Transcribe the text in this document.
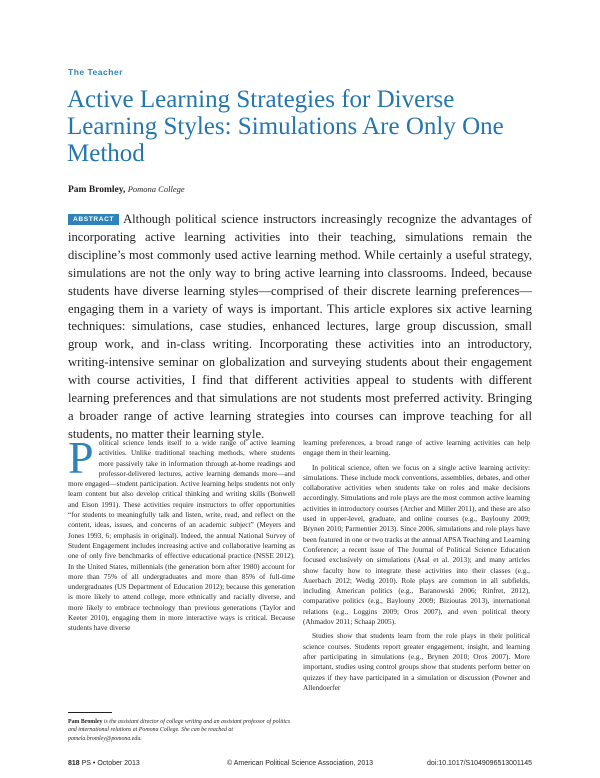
The Teacher
Active Learning Strategies for Diverse Learning Styles: Simulations Are Only One Method
Pam Bromley, Pomona College

ABSTRACT Although political science instructors increasingly recognize the advantages of incorporating active learning activities into their teaching, simulations remain the discipline’s most commonly used active learning method. While certainly a useful strategy, simulations are not the only way to bring active learning into classrooms. Indeed, because students have diverse learning styles—comprised of their discrete learning preferences—engaging them in a variety of ways is important. This article explores six active learning techniques: simulations, case studies, enhanced lectures, large group discussion, small group work, and in-class writing. Incorporating these activities into an introductory, writing-intensive seminar on globalization and surveying students about their engagement with course activities, I find that different activities appeal to students with different learning preferences and that simulations are not students most preferred activity. Bringing a broader range of active learning strategies into courses can improve teaching for all students, no matter their learning style.

Political science lends itself to a wide range of active learning activities. Unlike traditional teaching methods, where students more passively take in information through at-home readings and professor-delivered lectures, active learning demands more—and more engaged—student participation. Active learning helps students not only learn content but also develop critical thinking and writing skills (Bonwell and Eison 1991). These activities require instructors to offer opportunities “for students to meaningfully talk and listen, write, read, and reflect on the content, ideas, issues, and concerns of an academic subject” (Meyers and Jones 1993, 6; emphasis in original). Indeed, the annual National Survey of Student Engagement includes increasing active and collaborative learning as one of only five benchmarks of effective educational practice (NSSE 2012). In the United States, millennials (the generation born after 1980) account for more than 75% of all undergraduates and more than 85% of full-time undergraduates (US Department of Education 2012); because this generation is more likely to attend college, more ethnically and racially diverse, and more likely to embrace technology than previous generations (Taylor and Keeter 2010), engaging them in more interactive ways is critical. Because students have diverse

learning preferences, a broad range of active learning activities can help engage them in their learning.

In political science, often we focus on a single active learning activity: simulations. These include mock conventions, assemblies, debates, and other collaborative activities when students take on roles and make decisions accordingly. Simulations and role plays are the most common active learning activities in introductory courses (Archer and Miller 2011), and these are also used in upper-level, graduate, and online courses (e.g., Baylouny 2009; Brynen 2010; Parmentier 2013). Since 2006, simulations and role plays have been featured in one or two tracks at the annual APSA Teaching and Learning Conference; a recent issue of The Journal of Political Science Education focused exclusively on simulations (Asal et al. 2013); and many articles show faculty how to integrate these activities into their classes (e.g., Auerbach 2012; Wedig 2010). Role plays are common in all subfields, including American politics (e.g., Baranowski 2006; Rinfret, 2012), comparative politics (e.g., Baylouny 2009; Bizioutas 2013), international relations (e.g., Loggins 2009; Oros 2007), and even political theory (Ahmadov 2011; Schaap 2005).

Studies show that students learn from the role plays in their political science courses. Students report greater engagement, insight, and learning after participating in simulations (e.g., Brynen 2010; Oros 2007). More important, studies using control groups show that students perform better on quizzes if they have participated in a simulation or discussion (Powner and Allendoerfer

Pam Bromley is the assistant director of college writing and an assistant professor of politics and international relations at Pomona College. She can be reached at pamela.bromley@pomona.edu.
818 PS • October 2013	© American Political Science Association, 2013	doi:10.1017/S1049096513001145
